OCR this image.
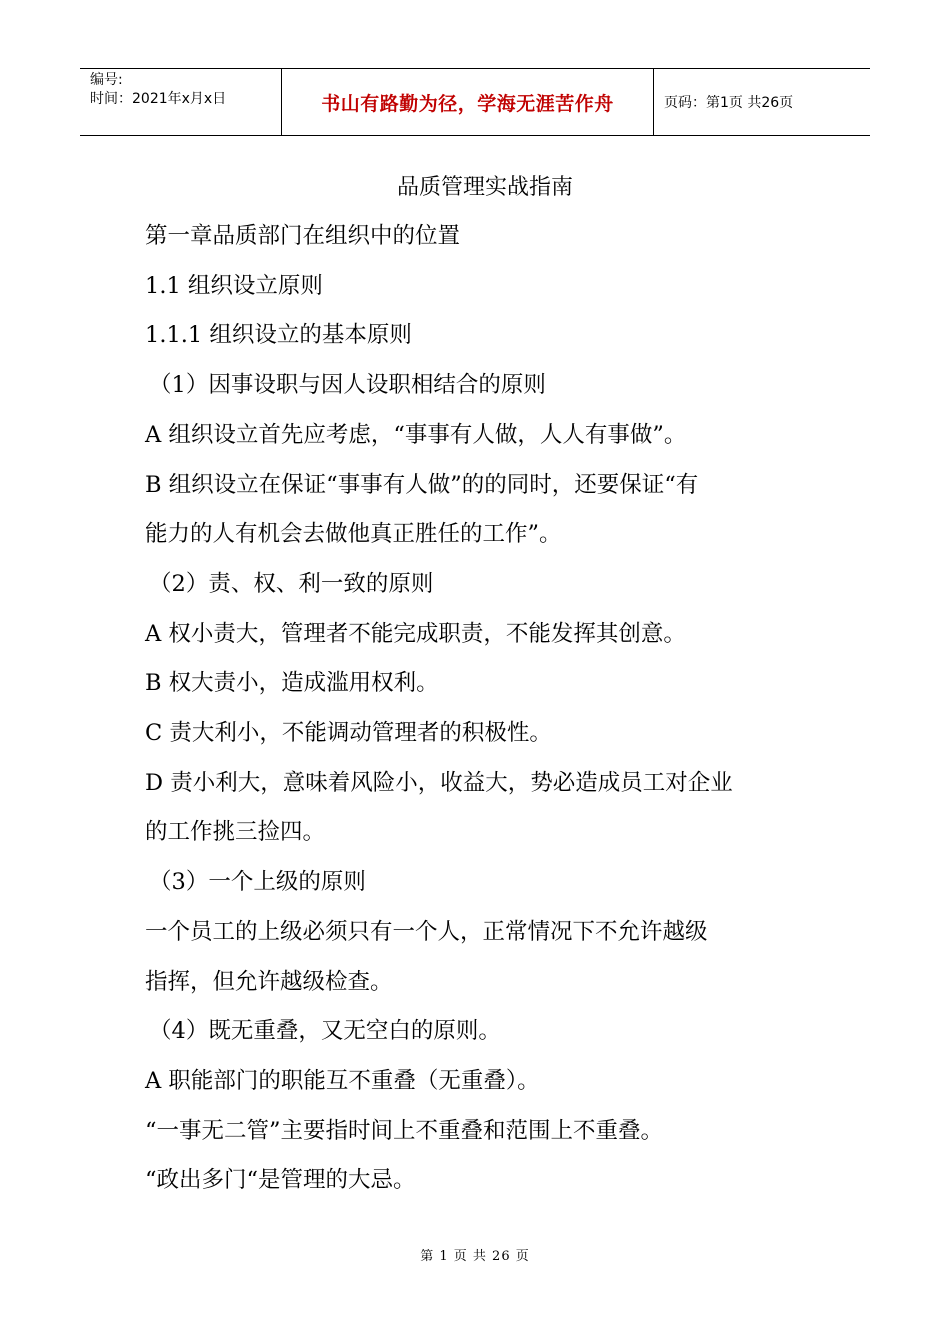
编号:
时间：2021年x月x日	书山有路勤为径，学海无涯苦作舟	页码：第1页 共26页
品质管理实战指南

第一章品质部门在组织中的位置

1.1 组织设立原则

1.1.1 组织设立的基本原则

（1）因事设职与因人设职相结合的原则

A 组织设立首先应考虑，“事事有人做，人人有事做”。

B 组织设立在保证“事事有人做”的的同时，还要保证“有

能力的人有机会去做他真正胜任的工作”。

（2）责、权、利一致的原则

A 权小责大，管理者不能完成职责，不能发挥其创意。

B 权大责小，造成滥用权利。

C 责大利小，不能调动管理者的积极性。

D 责小利大，意味着风险小，收益大，势必造成员工对企业

的工作挑三捡四。

（3）一个上级的原则

一个员工的上级必须只有一个人，正常情况下不允许越级

指挥，但允许越级检查。

（4）既无重叠，又无空白的原则。

A 职能部门的职能互不重叠（无重叠）。

“一事无二管”主要指时间上不重叠和范围上不重叠。

“政出多门“是管理的大忌。

第 1 页 共 26 页
